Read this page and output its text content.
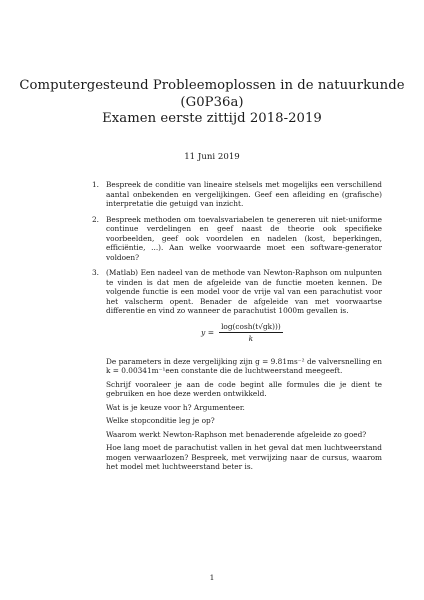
Computergesteund Probleemoplossen in de natuurkunde
(G0P36a)
Examen eerste zittijd 2018-2019
11 Juni 2019
1. Bespreek de conditie van lineaire stelsels met mogelijks een verschillend aantal onbekenden en vergelijkingen. Geef een afleiding en (grafische) interpretatie die getuigd van inzicht.

2. Bespreek methoden om toevalsvariabelen te genereren uit niet-uniforme continue verdelingen en geef naast de theorie ook specifieke voorbeelden, geef ook voordelen en nadelen (kost, beperkingen, efficiëntie, ...). Aan welke voorwaarde moet een software-generator voldoen?

3. (Matlab) Een nadeel van de methode van Newton-Raphson om nulpunten te vinden is dat men de afgeleide van de functie moeten kennen. De volgende functie is een model voor de vrije val van een parachutist voor het valscherm opent. Benader de afgeleide van met voorwaartse differentie en vind zo wanneer de parachutist 1000m gevallen is.

$y = \frac{\log(\cosh(t√gk)))}{k}$

De parameters in deze vergelijking zijn g = 9.81ms⁻² de valversnelling en k = 0.00341m⁻¹een constante die de luchtweerstand meegeeft.

Schrijf vooraleer je aan de code begint alle formules die je dient te gebruiken en hoe deze werden ontwikkeld.

Wat is je keuze voor h? Argumenteer.

Welke stopconditie leg je op?

Waarom werkt Newton-Raphson met benaderende afgeleide zo goed?

Hoe lang moet de parachutist vallen in het geval dat men luchtweerstand mogen verwaarlozen? Bespreek, met verwijzing naar de cursus, waarom het model met luchtweerstand beter is.

1
